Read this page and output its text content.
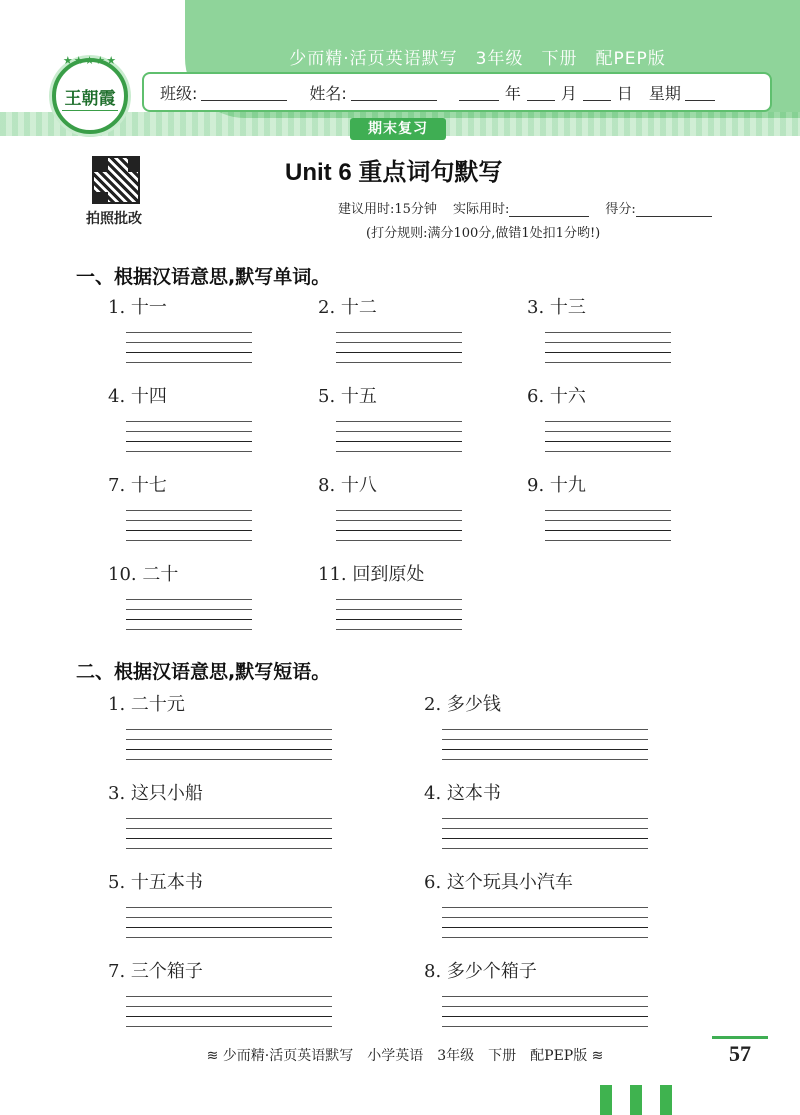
少而精·活页英语默写　3年级　下册　配PEP版
★★★★★
王朝霞	班级:	姓名:	年	月	日 星期
期末复习
拍照批改
Unit 6 重点词句默写
建议用时:15分钟 实际用时:	得分:
(打分规则:满分100分,做错1处扣1分哟!)
一、根据汉语意思,默写单词。
1. 十一	2. 十二	3. 十三
4. 十四	5. 十五	6. 十六
7. 十七	8. 十八	9. 十九
10. 二十	11. 回到原处
二、根据汉语意思,默写短语。
1. 二十元	2. 多少钱
3. 这只小船	4. 这本书
5. 十五本书	6. 这个玩具小汽车
7. 三个箱子	8. 多少个箱子
≋ 少而精·活页英语默写　小学英语　3年级　下册　配PEP版 ≋	57
